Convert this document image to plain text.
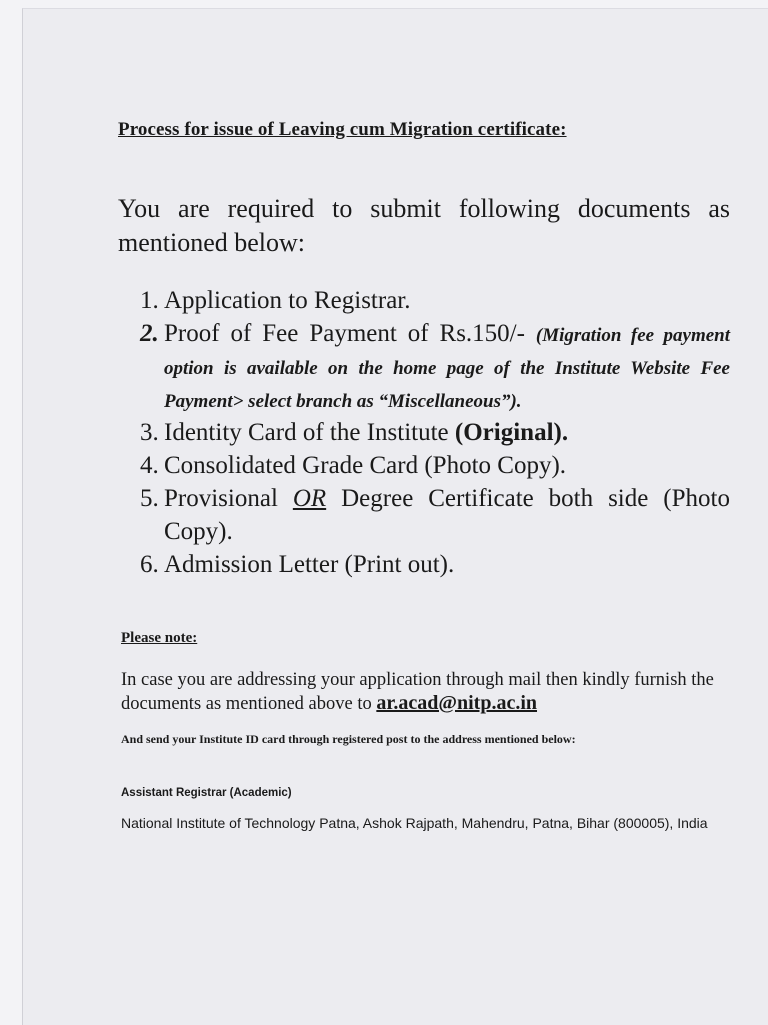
Process for issue of Leaving cum Migration certificate:
You are required to submit following documents as mentioned below:
1. Application to Registrar.
2. Proof of Fee Payment of Rs.150/- (Migration fee payment option is available on the home page of the Institute Website Fee Payment> select branch as “Miscellaneous”).
3. Identity Card of the Institute (Original).
4. Consolidated Grade Card (Photo Copy).
5. Provisional OR Degree Certificate both side (Photo Copy).
6. Admission Letter (Print out).
Please note:
In case you are addressing your application through mail then kindly furnish the documents as mentioned above to ar.acad@nitp.ac.in
And send your Institute ID card through registered post to the address mentioned below:
Assistant Registrar (Academic)
National Institute of Technology Patna, Ashok Rajpath, Mahendru, Patna, Bihar (800005), India
